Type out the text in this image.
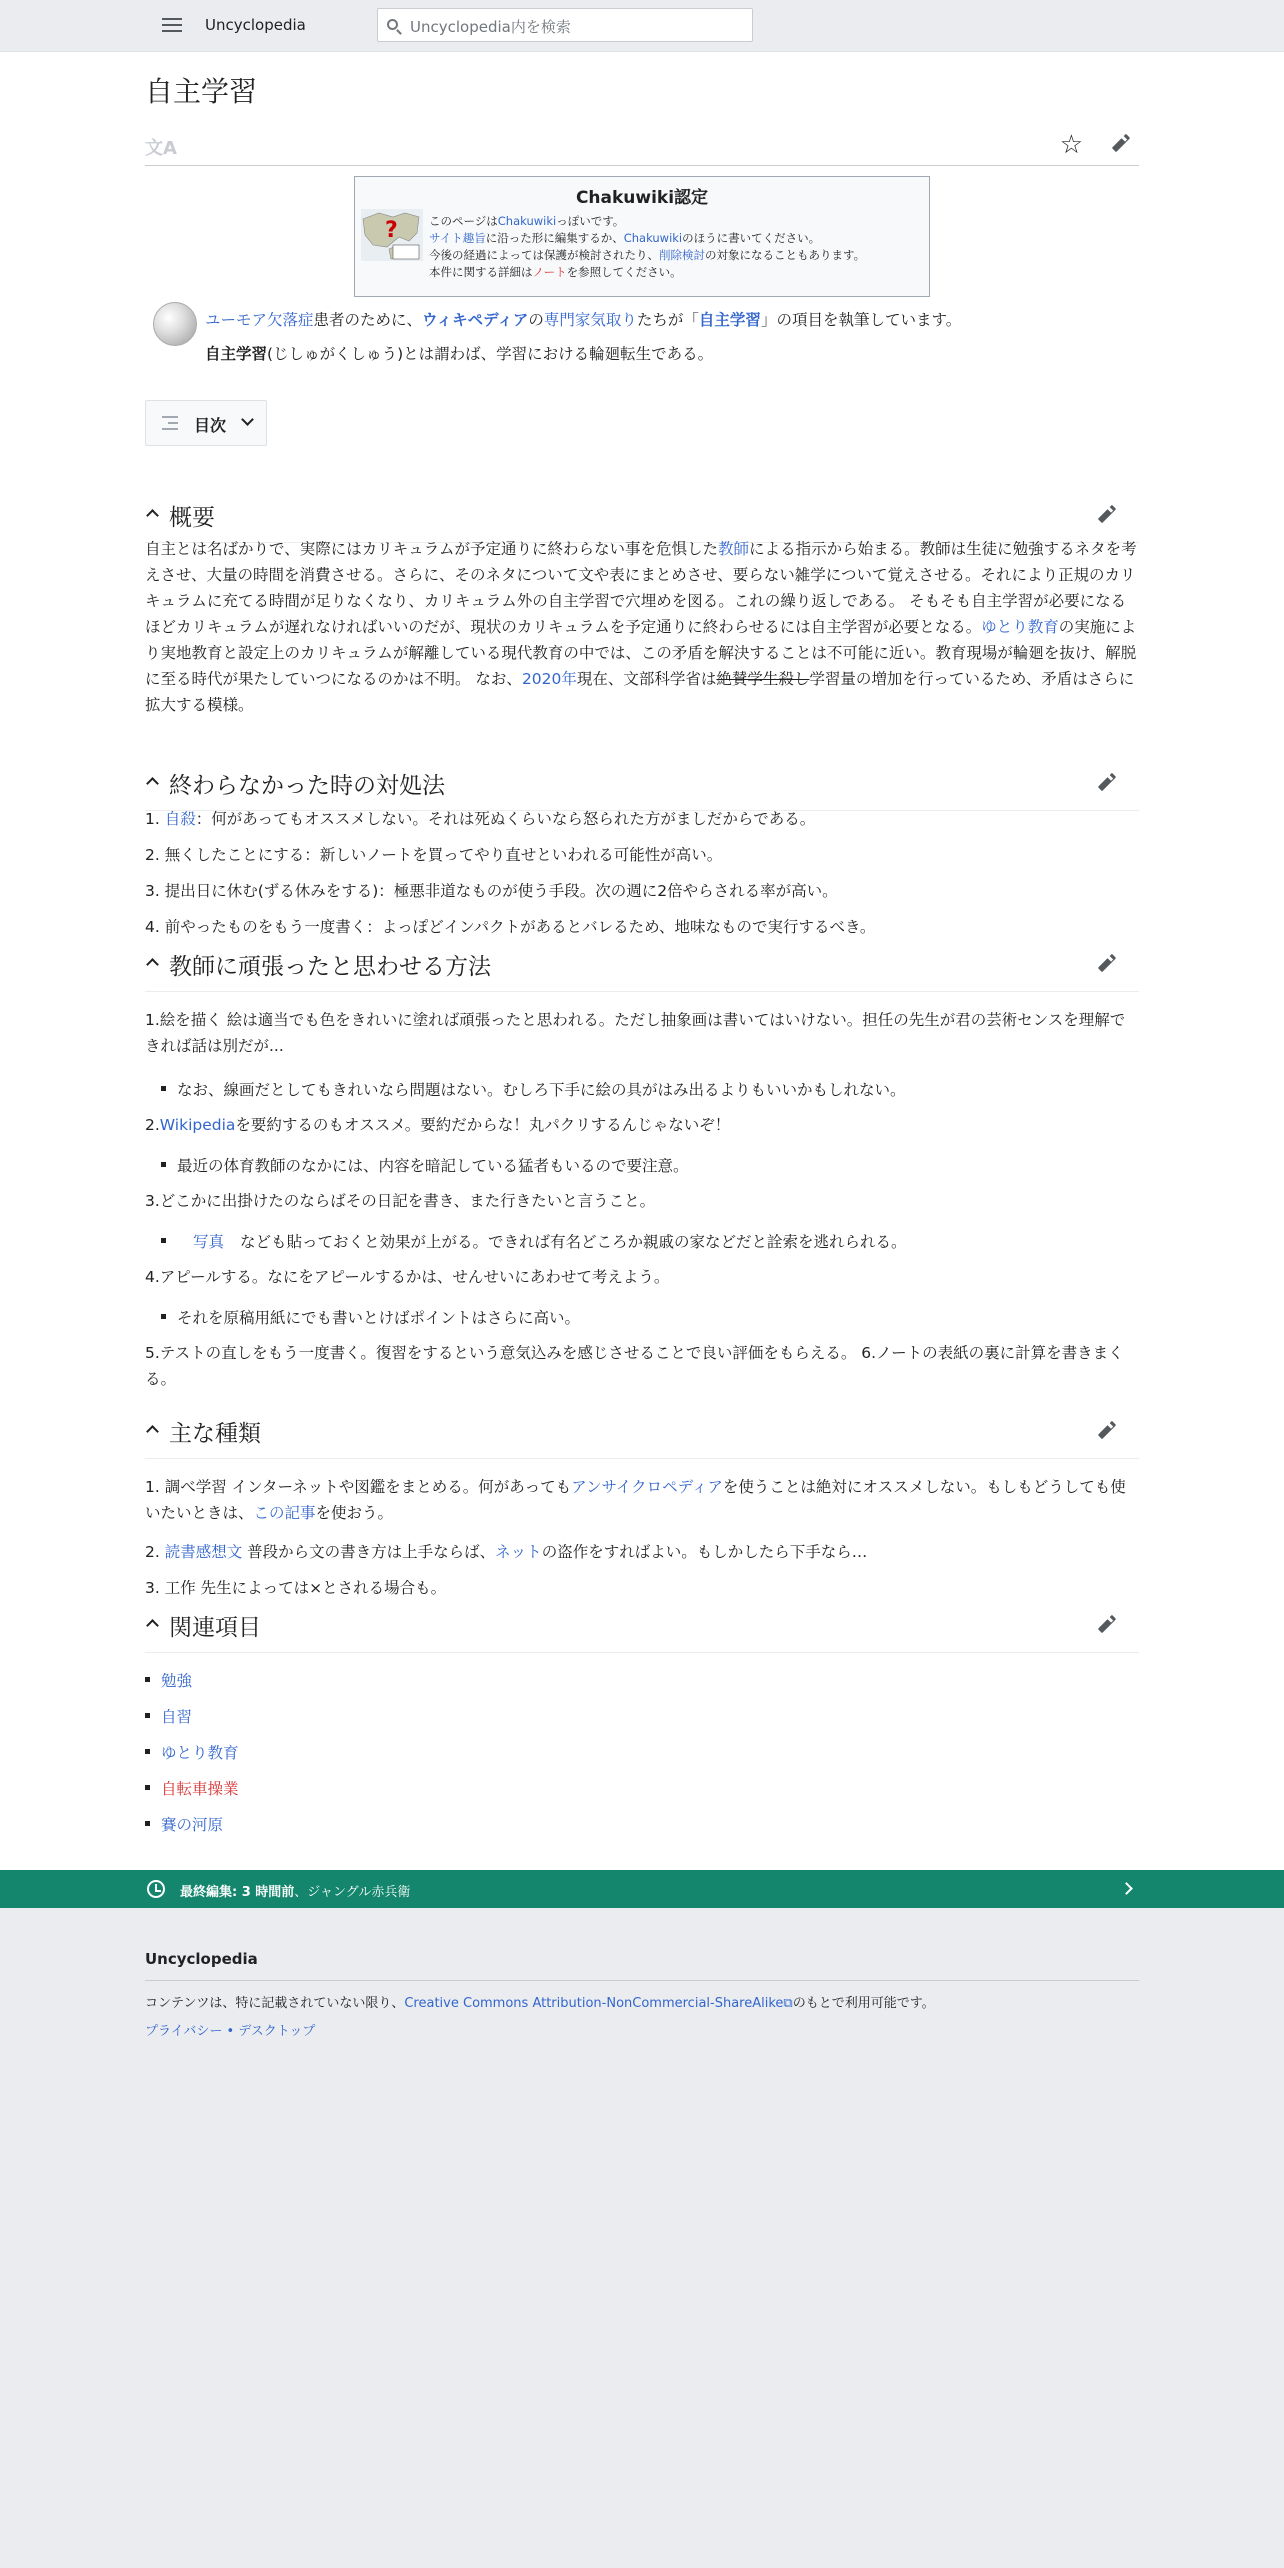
Uncyclopedia	Uncyclopedia内を検索
自主学習
文A	☆
Chakuwiki認定
?	このページはChakuwikiっぽいです。
サイト趣旨に沿った形に編集するか、Chakuwikiのほうに書いてください。
今後の経過によっては保護が検討されたり、削除検討の対象になることもあります。
本件に関する詳細はノートを参照してください。
ユーモア欠落症患者のために、ウィキペディアの専門家気取りたちが「自主学習」の項目を執筆しています。
自主学習(じしゅがくしゅう)とは謂わば、学習における輪廻転生である。
目次
概要
自主とは名ばかりで、実際にはカリキュラムが予定通りに終わらない事を危惧した教師による指示から始まる。教師は生徒に勉強するネタを考えさせ、大量の時間を消費させる。さらに、そのネタについて文や表にまとめさせ、要らない雑学について覚えさせる。それにより正規のカリキュラムに充てる時間が足りなくなり、カリキュラム外の自主学習で穴埋めを図る。これの繰り返しである。 そもそも自主学習が必要になるほどカリキュラムが遅れなければいいのだが、現状のカリキュラムを予定通りに終わらせるには自主学習が必要となる。ゆとり教育の実施により実地教育と設定上のカリキュラムが解離している現代教育の中では、この矛盾を解決することは不可能に近い。教育現場が輪廻を抜け、解脱に至る時代が果たしていつになるのかは不明。 なお、2020年現在、文部科学省は絶賛学生殺し学習量の増加を行っているため、矛盾はさらに拡大する模様。
終わらなかった時の対処法
1. 自殺：何があってもオススメしない。それは死ぬくらいなら怒られた方がましだからである。
2. 無くしたことにする：新しいノートを買ってやり直せといわれる可能性が高い。
3. 提出日に休む(ずる休みをする)：極悪非道なものが使う手段。次の週に2倍やらされる率が高い。
4. 前やったものをもう一度書く：よっぽどインパクトがあるとバレるため、地味なもので実行するべき。
教師に頑張ったと思わせる方法
1.絵を描く 絵は適当でも色をきれいに塗れば頑張ったと思われる。ただし抽象画は書いてはいけない。担任の先生が君の芸術センスを理解できれば話は別だが...
なお、線画だとしてもきれいなら問題はない。むしろ下手に絵の具がはみ出るよりもいいかもしれない。
2.Wikipediaを要約するのもオススメ。要約だからな！丸パクリするんじゃないぞ！
最近の体育教師のなかには、内容を暗記している猛者もいるので要注意。
3.どこかに出掛けたのならばその日記を書き、また行きたいと言うこと。
写真 なども貼っておくと効果が上がる。できれば有名どころか親戚の家などだと詮索を逃れられる。
4.アピールする。なにをアピールするかは、せんせいにあわせて考えよう。
それを原稿用紙にでも書いとけばポイントはさらに高い。
5.テストの直しをもう一度書く。復習をするという意気込みを感じさせることで良い評価をもらえる。 6.ノートの表紙の裏に計算を書きまくる。
主な種類
1. 調べ学習 インターネットや図鑑をまとめる。何があってもアンサイクロペディアを使うことは絶対にオススメしない。もしもどうしても使いたいときは、この記事を使おう。
2. 読書感想文 普段から文の書き方は上手ならば、ネットの盗作をすればよい。もしかしたら下手なら…
3. 工作 先生によっては×とされる場合も。
関連項目
勉強
自習
ゆとり教育
自転車操業
賽の河原
最終編集: 3 時間前、ジャングル赤兵衛
Uncyclopedia
コンテンツは、特に記載されていない限り、Creative Commons Attribution-NonCommercial-ShareAlike⧉のもとで利用可能です。
プライバシー • デスクトップ
